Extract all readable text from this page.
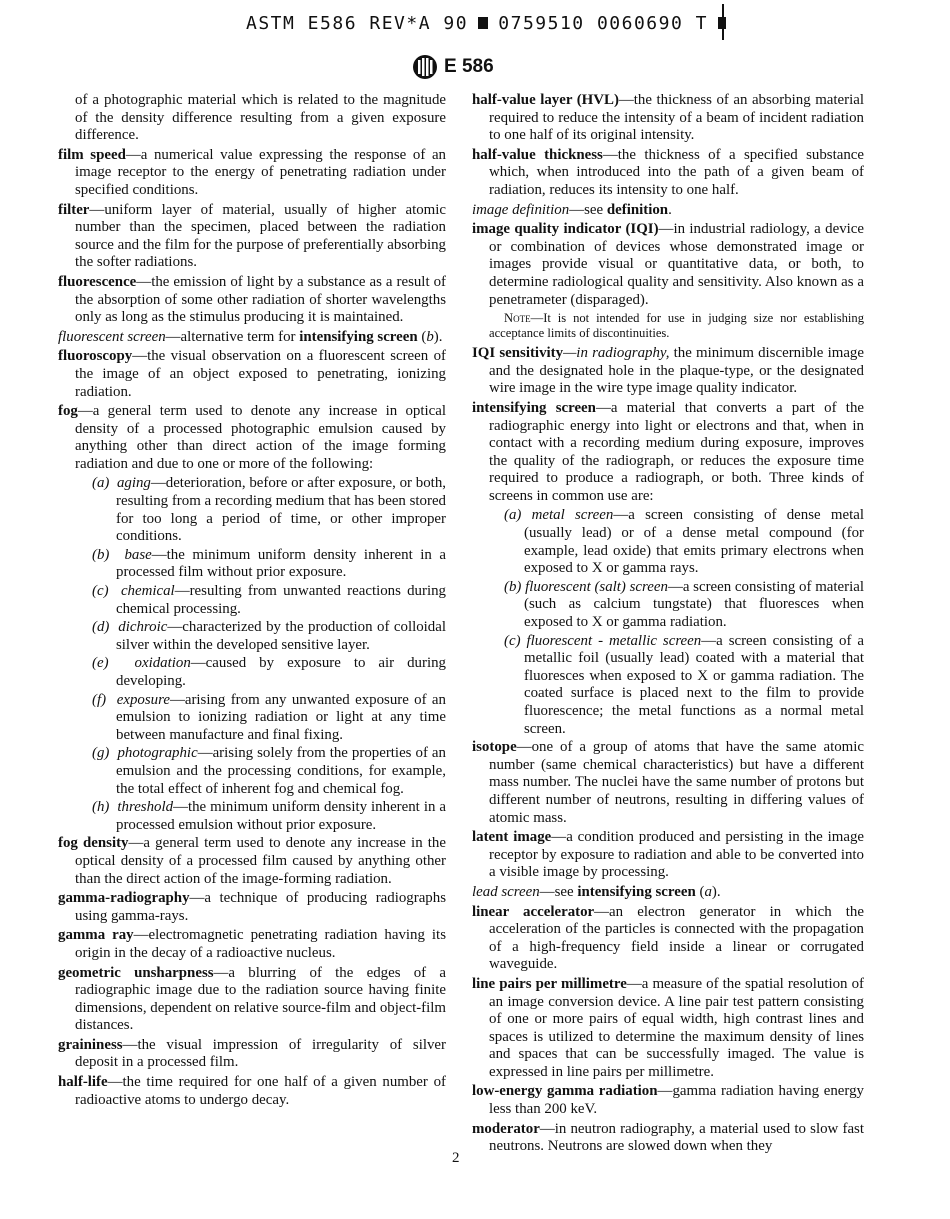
ASTM E586 REV*A 90 0759510 0060690 T
E 586
of a photographic material which is related to the magnitude of the density difference resulting from a given exposure difference.
film speed—a numerical value expressing the response of an image receptor to the energy of penetrating radiation under specified conditions.
filter—uniform layer of material, usually of higher atomic number than the specimen, placed between the radiation source and the film for the purpose of preferentially absorbing the softer radiations.
fluorescence—the emission of light by a substance as a result of the absorption of some other radiation of shorter wavelengths only as long as the stimulus producing it is maintained.
fluorescent screen—alternative term for intensifying screen (b).
fluoroscopy—the visual observation on a fluorescent screen of the image of an object exposed to penetrating, ionizing radiation.
fog—a general term used to denote any increase in optical density of a processed photographic emulsion caused by anything other than direct action of the image forming radiation and due to one or more of the following:
(a) aging—deterioration, before or after exposure, or both, resulting from a recording medium that has been stored for too long a period of time, or other improper conditions.
(b) base—the minimum uniform density inherent in a processed film without prior exposure.
(c) chemical—resulting from unwanted reactions during chemical processing.
(d) dichroic—characterized by the production of colloidal silver within the developed sensitive layer.
(e) oxidation—caused by exposure to air during developing.
(f) exposure—arising from any unwanted exposure of an emulsion to ionizing radiation or light at any time between manufacture and final fixing.
(g) photographic—arising solely from the properties of an emulsion and the processing conditions, for example, the total effect of inherent fog and chemical fog.
(h) threshold—the minimum uniform density inherent in a processed emulsion without prior exposure.
fog density—a general term used to denote any increase in the optical density of a processed film caused by anything other than the direct action of the image-forming radiation.
gamma-radiography—a technique of producing radiographs using gamma-rays.
gamma ray—electromagnetic penetrating radiation having its origin in the decay of a radioactive nucleus.
geometric unsharpness—a blurring of the edges of a radiographic image due to the radiation source having finite dimensions, dependent on relative source-film and object-film distances.
graininess—the visual impression of irregularity of silver deposit in a processed film.
half-life—the time required for one half of a given number of radioactive atoms to undergo decay.
half-value layer (HVL)—the thickness of an absorbing material required to reduce the intensity of a beam of incident radiation to one half of its original intensity.
half-value thickness—the thickness of a specified substance which, when introduced into the path of a given beam of radiation, reduces its intensity to one half.
image definition—see definition.
image quality indicator (IQI)—in industrial radiology, a device or combination of devices whose demonstrated image or images provide visual or quantitative data, or both, to determine radiological quality and sensitivity. Also known as a penetrameter (disparaged).
Note—It is not intended for use in judging size nor establishing acceptance limits of discontinuities.
IQI sensitivity—in radiography, the minimum discernible image and the designated hole in the plaque-type, or the designated wire image in the wire type image quality indicator.
intensifying screen—a material that converts a part of the radiographic energy into light or electrons and that, when in contact with a recording medium during exposure, improves the quality of the radiograph, or reduces the exposure time required to produce a radiograph, or both. Three kinds of screens in common use are:
(a) metal screen—a screen consisting of dense metal (usually lead) or of a dense metal compound (for example, lead oxide) that emits primary electrons when exposed to X or gamma rays.
(b) fluorescent (salt) screen—a screen consisting of material (such as calcium tungstate) that fluoresces when exposed to X or gamma radiation.
(c) fluorescent - metallic screen—a screen consisting of a metallic foil (usually lead) coated with a material that fluoresces when exposed to X or gamma radiation. The coated surface is placed next to the film to provide fluorescence; the metal functions as a normal metal screen.
isotope—one of a group of atoms that have the same atomic number (same chemical characteristics) but have a different mass number. The nuclei have the same number of protons but different number of neutrons, resulting in differing values of atomic mass.
latent image—a condition produced and persisting in the image receptor by exposure to radiation and able to be converted into a visible image by processing.
lead screen—see intensifying screen (a).
linear accelerator—an electron generator in which the acceleration of the particles is connected with the propagation of a high-frequency field inside a linear or corrugated waveguide.
line pairs per millimetre—a measure of the spatial resolution of an image conversion device. A line pair test pattern consisting of one or more pairs of equal width, high contrast lines and spaces is utilized to determine the maximum density of lines and spaces that can be successfully imaged. The value is expressed in line pairs per millimetre.
low-energy gamma radiation—gamma radiation having energy less than 200 keV.
moderator—in neutron radiography, a material used to slow fast neutrons. Neutrons are slowed down when they
2
